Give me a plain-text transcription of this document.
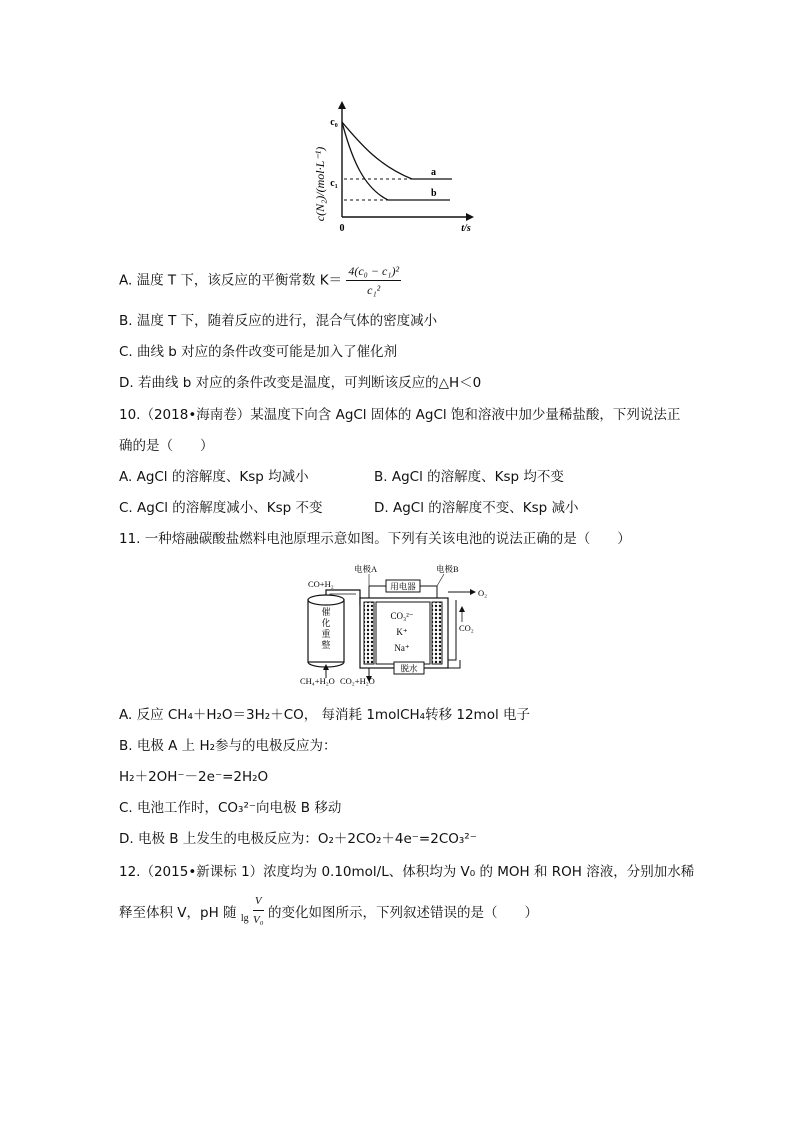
c(N₂)/(mol·L⁻¹)
c₀
c₁
0	t/s
a
b
A. 温度 T 下，该反应的平衡常数 $K= \frac{\text{4(c₀ − c₁)²}}{\text{c₁²}}$
B. 温度 T 下，随着反应的进行，混合气体的密度减小
C. 曲线 b 对应的条件改变可能是加入了催化剂
D. 若曲线 b 对应的条件改变是温度，可判断该反应的△H＜0
10.（2018•海南卷）某温度下向含 AgCl 固体的 AgCl 饱和溶液中加少量稀盐酸，下列说法正
确的是（　　）
A. AgCl 的溶解度、Ksp 均减小	B. AgCl 的溶解度、Ksp 均不变
C. AgCl 的溶解度减小、Ksp 不变	D. AgCl 的溶解度不变、Ksp 减小
11. 一种熔融碳酸盐燃料电池原理示意如图。下列有关该电池的说法正确的是（　　）
催
化
重
整
CH₄+H₂O
CO+H₂
CO₃²⁻
K⁺
Na⁺
用电器
电极A	电极B
O₂
CO₂
CO₂+H₂O
脱水
A. 反应 CH₄＋H₂O＝3H₂＋CO， 每消耗 1molCH₄转移 12mol 电子
B. 电极 A 上 H₂参与的电极反应为：
H₂＋2OH⁻－2e⁻=2H₂O
C. 电池工作时，CO₃²⁻向电极 B 移动
D. 电极 B 上发生的电极反应为：O₂＋2CO₂＋4e⁻=2CO₃²⁻
12.（2015•新课标 1）浓度均为 0.10mol/L、体积均为 V₀ 的 MOH 和 ROH 溶液，分别加水稀
释至体积 V，pH 随 $_{lg} \frac{V}{\text{V₀}}$ 的变化如图所示，下列叙述错误的是（　　）
